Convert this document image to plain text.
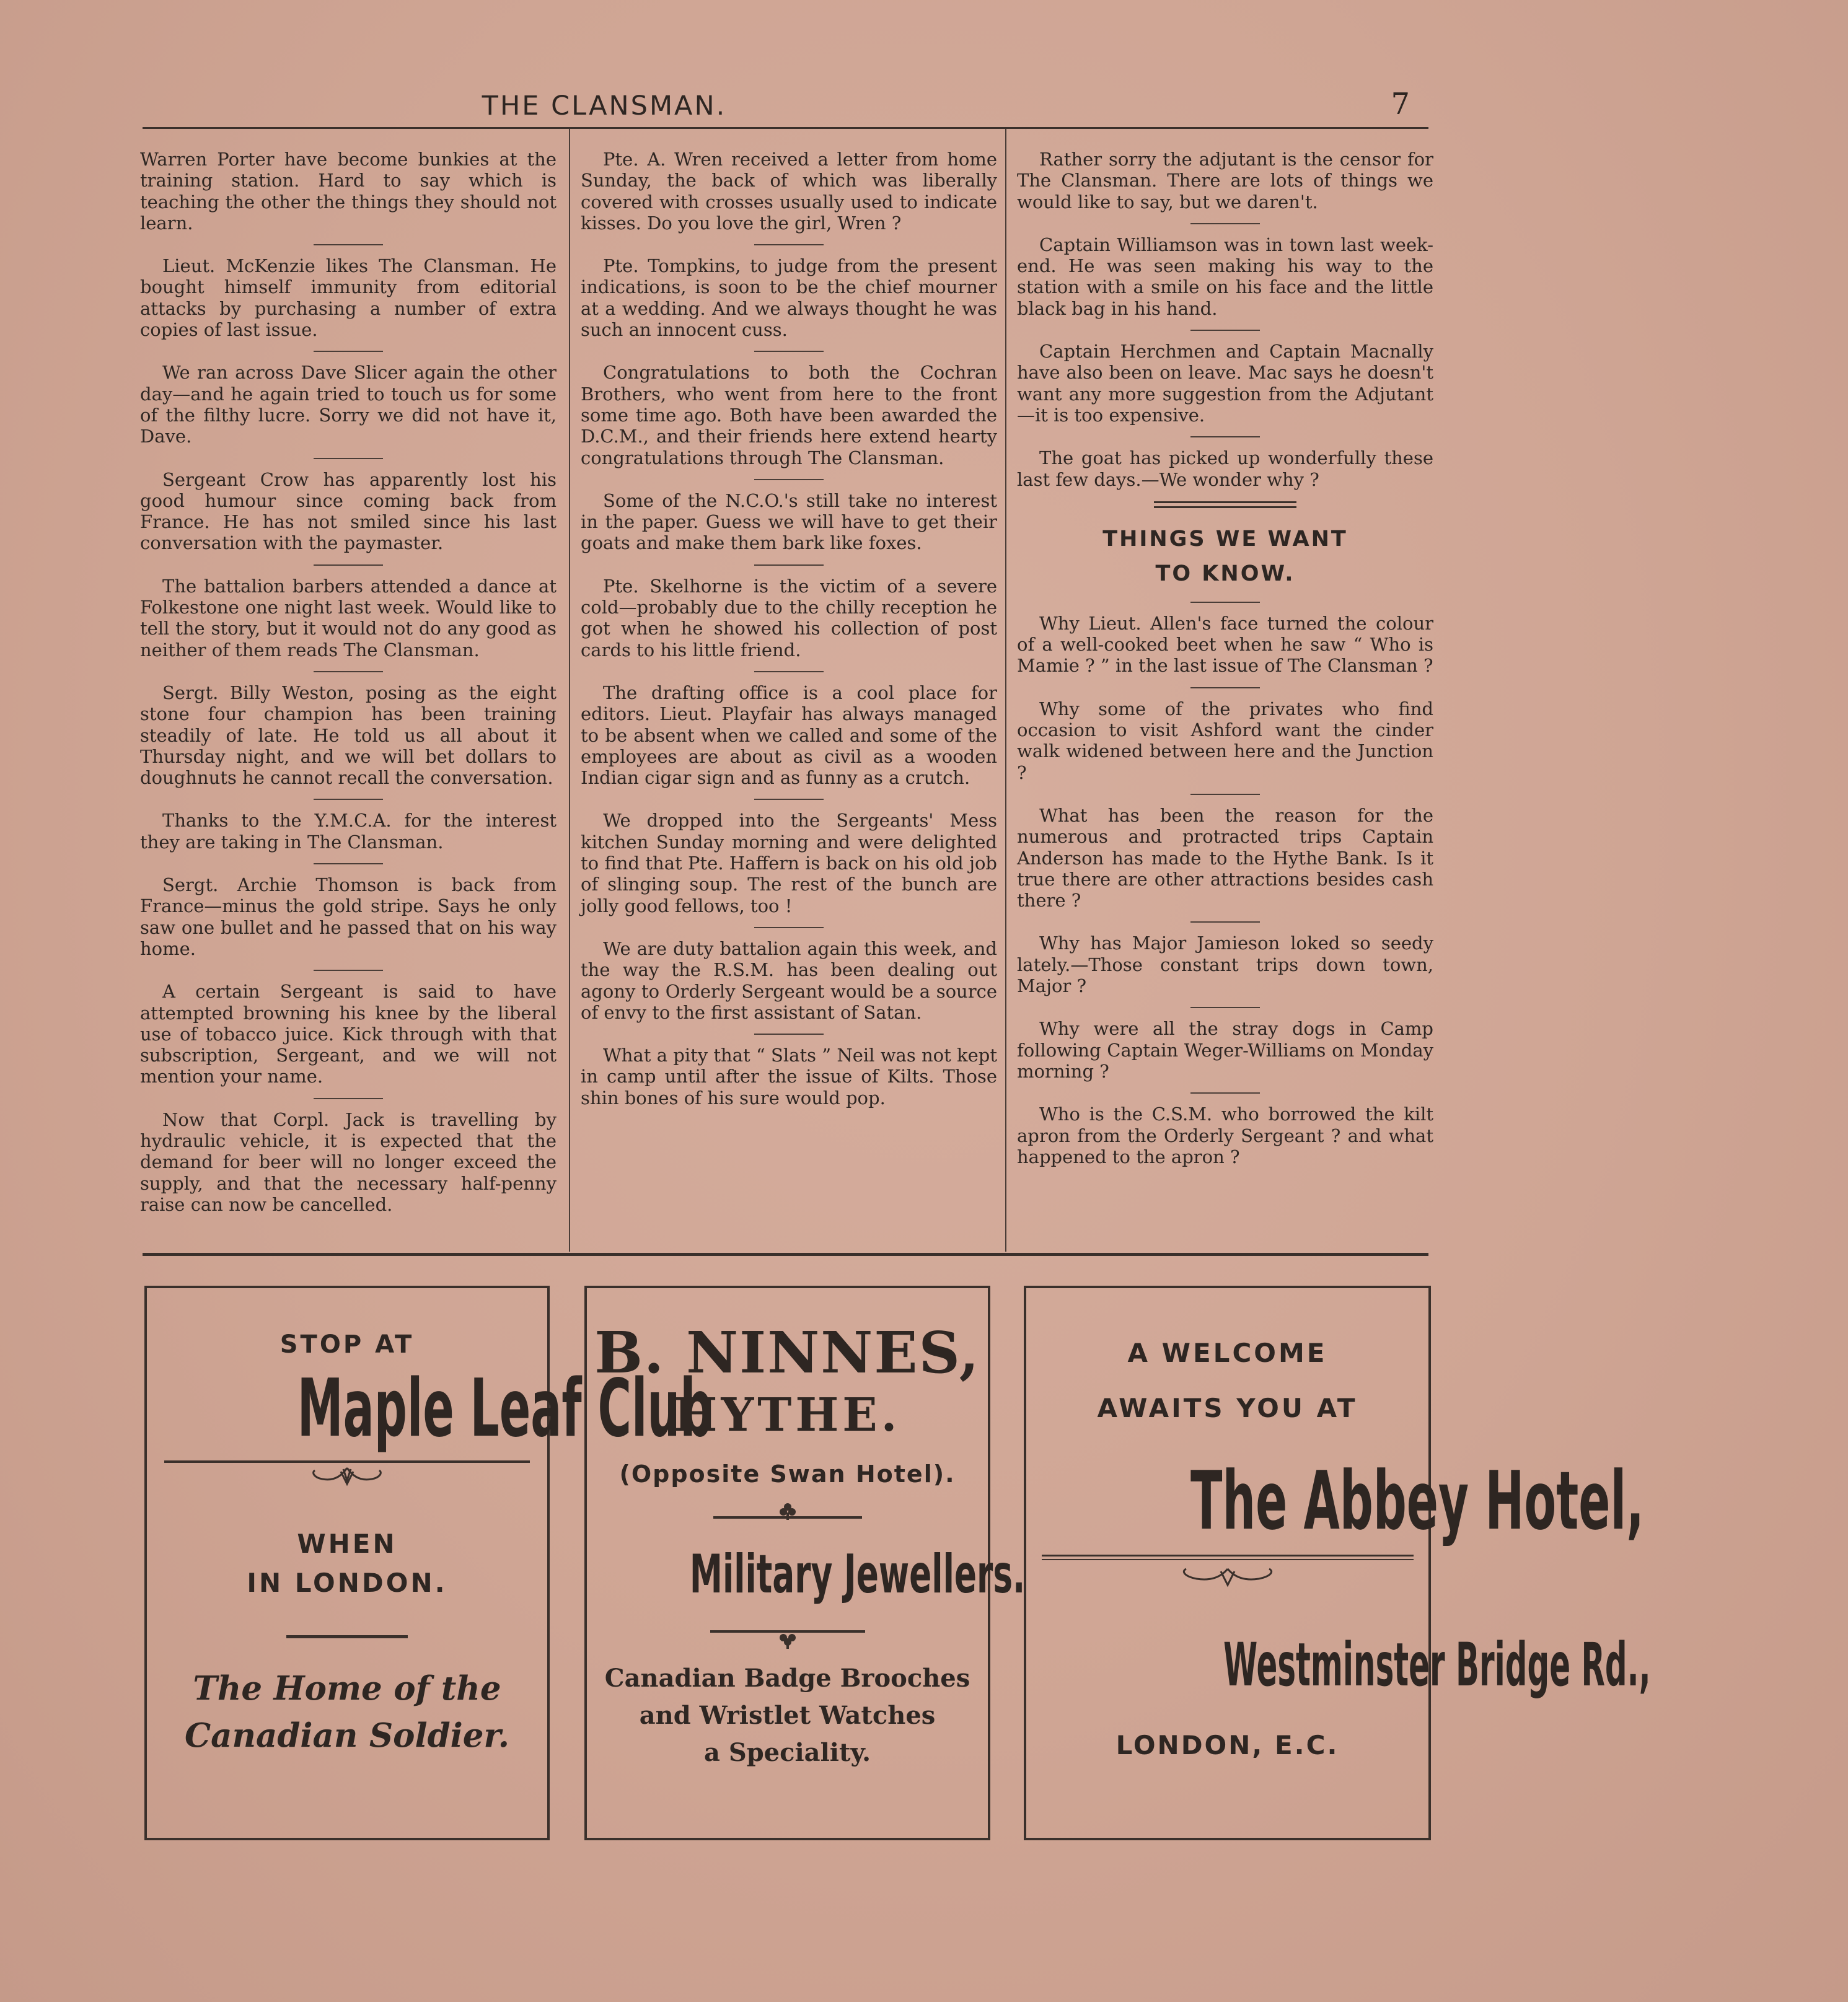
THE CLANSMAN.	7

Warren Porter have become bunkies at the training station. Hard to say which is teaching the other the things they should not learn.

Lieut. McKenzie likes The Clansman. He bought himself immunity from editorial attacks by purchasing a number of extra copies of last issue.

We ran across Dave Slicer again the other day—and he again tried to touch us for some of the filthy lucre. Sorry we did not have it, Dave.

Sergeant Crow has apparently lost his good humour since coming back from France. He has not smiled since his last conversation with the paymaster.

The battalion barbers attended a dance at Folkestone one night last week. Would like to tell the story, but it would not do any good as neither of them reads The Clansman.

Sergt. Billy Weston, posing as the eight stone four champion has been training steadily of late. He told us all about it Thursday night, and we will bet dollars to doughnuts he cannot recall the conversation.

Thanks to the Y.M.C.A. for the interest they are taking in The Clansman.

Sergt. Archie Thomson is back from France—minus the gold stripe. Says he only saw one bullet and he passed that on his way home.

A certain Sergeant is said to have attempted browning his knee by the liberal use of tobacco juice. Kick through with that subscription, Sergeant, and we will not mention your name.

Now that Corpl. Jack is travelling by hydraulic vehicle, it is expected that the demand for beer will no longer exceed the supply, and that the necessary half-penny raise can now be cancelled.

Pte. A. Wren received a letter from home Sunday, the back of which was liberally covered with crosses usually used to indicate kisses. Do you love the girl, Wren ?

Pte. Tompkins, to judge from the present indications, is soon to be the chief mourner at a wedding. And we always thought he was such an innocent cuss.

Congratulations to both the Cochran Brothers, who went from here to the front some time ago. Both have been awarded the D.C.M., and their friends here extend hearty congratulations through The Clansman.

Some of the N.C.O.'s still take no interest in the paper. Guess we will have to get their goats and make them bark like foxes.

Pte. Skelhorne is the victim of a severe cold—probably due to the chilly reception he got when he showed his collection of post cards to his little friend.

The drafting office is a cool place for editors. Lieut. Playfair has always managed to be absent when we called and some of the employees are about as civil as a wooden Indian cigar sign and as funny as a crutch.

We dropped into the Sergeants' Mess kitchen Sunday morning and were delighted to find that Pte. Haffern is back on his old job of slinging soup. The rest of the bunch are jolly good fellows, too !

We are duty battalion again this week, and the way the R.S.M. has been dealing out agony to Orderly Sergeant would be a source of envy to the first assistant of Satan.

What a pity that “ Slats ” Neil was not kept in camp until after the issue of Kilts. Those shin bones of his sure would pop.

Rather sorry the adjutant is the censor for The Clansman. There are lots of things we would like to say, but we daren't.

Captain Williamson was in town last week-end. He was seen making his way to the station with a smile on his face and the little black bag in his hand.

Captain Herchmen and Captain Macnally have also been on leave. Mac says he doesn't want any more suggestion from the Adjutant—it is too expensive.

The goat has picked up wonderfully these last few days.—We wonder why ?

THINGS WE WANT
TO KNOW.

Why Lieut. Allen's face turned the colour of a well-cooked beet when he saw “ Who is Mamie ? ” in the last issue of The Clansman ?

Why some of the privates who find occasion to visit Ashford want the cinder walk widened between here and the Junction ?

What has been the reason for the numerous and protracted trips Captain Anderson has made to the Hythe Bank. Is it true there are other attractions besides cash there ?

Why has Major Jamieson loked so seedy lately.—Those constant trips down town, Major ?

Why were all the stray dogs in Camp following Captain Weger-Williams on Monday morning ?

Who is the C.S.M. who borrowed the kilt apron from the Orderly Sergeant ? and what happened to the apron ?

STOP AT
Maple Leaf Club
WHEN
IN LONDON.
The Home of the
Canadian Soldier.
B. NINNES,
HYTHE.
(Opposite Swan Hotel).
Military Jewellers.
Canadian Badge Brooches
and Wristlet Watches
a Speciality.
A WELCOME
AWAITS YOU AT
The Abbey Hotel,
Westminster Bridge Rd.,
LONDON, E.C.
